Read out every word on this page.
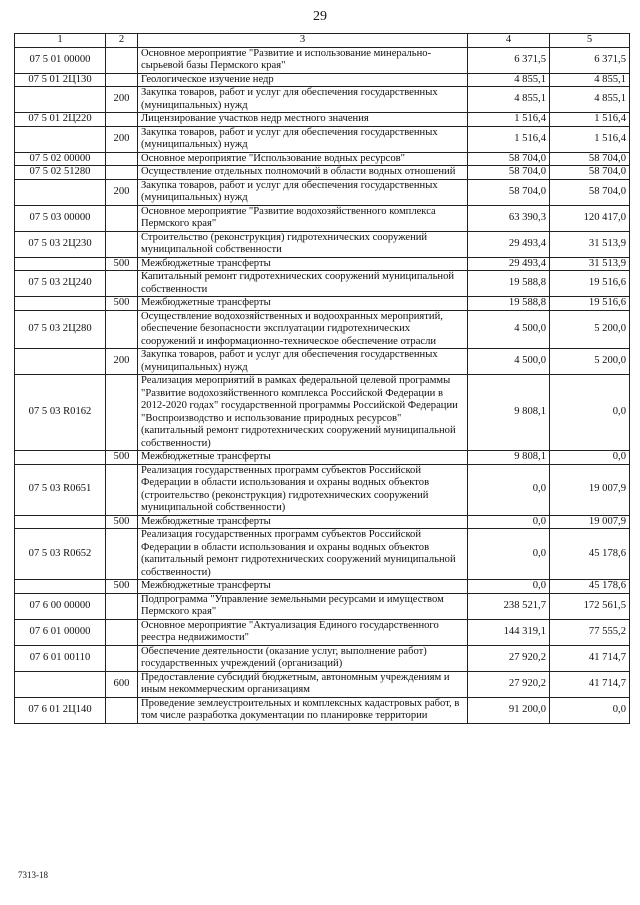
29
1	2	3	4	5
07 5 01 00000		Основное мероприятие "Развитие и использование минерально-сырьевой базы Пермского края"	6 371,5	6 371,5
07 5 01 2Ц130		Геологическое изучение недр	4 855,1	4 855,1
	200	Закупка товаров, работ и услуг для обеспечения государственных (муниципальных) нужд	4 855,1	4 855,1
07 5 01 2Ц220		Лицензирование участков недр местного значения	1 516,4	1 516,4
	200	Закупка товаров, работ и услуг для обеспечения государственных (муниципальных) нужд	1 516,4	1 516,4
07 5 02 00000		Основное мероприятие "Использование водных ресурсов"	58 704,0	58 704,0
07 5 02 51280		Осуществление отдельных полномочий в области водных отношений	58 704,0	58 704,0
	200	Закупка товаров, работ и услуг для обеспечения государственных (муниципальных) нужд	58 704,0	58 704,0
07 5 03 00000		Основное мероприятие "Развитие водохозяйственного комплекса Пермского края"	63 390,3	120 417,0
07 5 03 2Ц230		Строительство (реконструкция) гидротехнических сооружений муниципальной собственности	29 493,4	31 513,9
	500	Межбюджетные трансферты	29 493,4	31 513,9
07 5 03 2Ц240		Капитальный ремонт гидротехнических сооружений муниципальной собственности	19 588,8	19 516,6
	500	Межбюджетные трансферты	19 588,8	19 516,6
07 5 03 2Ц280		Осуществление водохозяйственных и водоохранных мероприятий, обеспечение безопасности эксплуатации гидротехнических сооружений и информационно-техническое обеспечение отрасли	4 500,0	5 200,0
	200	Закупка товаров, работ и услуг для обеспечения государственных (муниципальных) нужд	4 500,0	5 200,0
07 5 03 R0162		Реализация мероприятий в рамках федеральной целевой программы "Развитие водохозяйственного комплекса Российской Федерации в 2012-2020 годах" государственной программы Российской Федерации "Воспроизводство и использование природных ресурсов" (капитальный ремонт гидротехнических сооружений муниципальной собственности)	9 808,1	0,0
	500	Межбюджетные трансферты	9 808,1	0,0
07 5 03 R0651		Реализация государственных программ субъектов Российской Федерации в области использования и охраны водных объектов (строительство (реконструкция) гидротехнических сооружений муниципальной собственности)	0,0	19 007,9
	500	Межбюджетные трансферты	0,0	19 007,9
07 5 03 R0652		Реализация государственных программ субъектов Российской Федерации в области использования и охраны водных объектов (капитальный ремонт гидротехнических сооружений муниципальной собственности)	0,0	45 178,6
	500	Межбюджетные трансферты	0,0	45 178,6
07 6 00 00000		Подпрограмма "Управление земельными ресурсами и имуществом Пермского края"	238 521,7	172 561,5
07 6 01 00000		Основное мероприятие "Актуализация Единого государственного реестра недвижимости"	144 319,1	77 555,2
07 6 01 00110		Обеспечение деятельности (оказание услуг, выполнение работ) государственных учреждений (организаций)	27 920,2	41 714,7
	600	Предоставление субсидий бюджетным, автономным учреждениям и иным некоммерческим организациям	27 920,2	41 714,7
07 6 01 2Ц140		Проведение землеустроительных и комплексных кадастровых работ, в том числе разработка документации по планировке территории	91 200,0	0,0
7313-18
